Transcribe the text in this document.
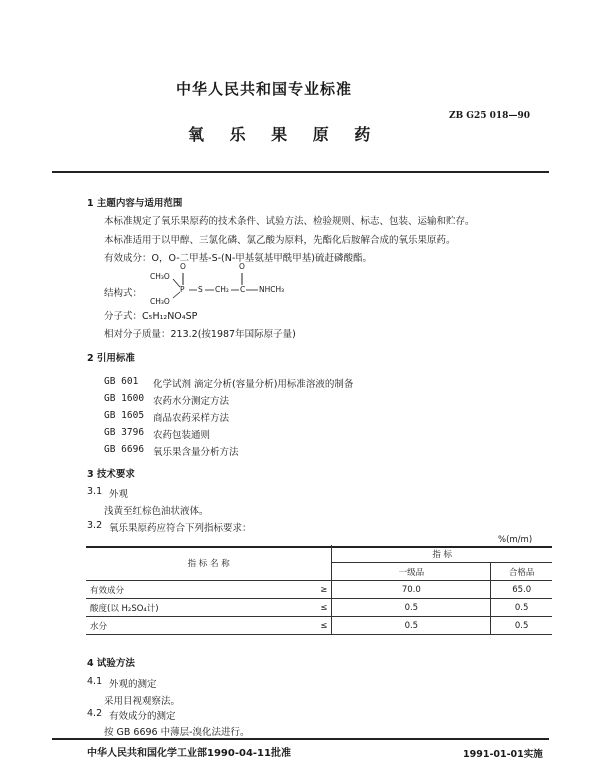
中华人民共和国专业标准
ZB G25 018—90
氧 乐 果 原 药
1 主题内容与适用范围
本标准规定了氧乐果原药的技术条件、试验方法、检验规则、标志、包装、运输和贮存。
本标准适用于以甲醇、三氯化磷、氯乙酸为原料，先酯化后胺解合成的氧乐果原药。
有效成分：O，O-二甲基-S-(N-甲基氨基甲酰甲基)硫赶磷酸酯。
结构式：
CH₃O
CH₃O
O	O
P S CH₂ C NHCH₃
分子式：C₅H₁₂NO₄SP
相对分子质量：213.2(按1987年国际原子量)
2 引用标准
GB 601 化学试剂 滴定分析(容量分析)用标准溶液的制备
GB 1600 农药水分测定方法
GB 1605 商品农药采样方法
GB 3796 农药包装通则
GB 6696 氧乐果含量分析方法
3 技术要求
3.1 外观
浅黄至红棕色油状液体。
3.2 氧乐果原药应符合下列指标要求：
%(m/m)
指 标 名 称		指 标	
		一级品	合格品
有效成分	≥	70.0	65.0
酸度(以 H₂SO₄计)	≤	0.5	0.5
水分	≤	0.5	0.5
4 试验方法
4.1 外观的测定
采用目视观察法。
4.2 有效成分的测定
按 GB 6696 中薄层-溴化法进行。
中华人民共和国化学工业部1990-04-11批准	1991-01-01实施
